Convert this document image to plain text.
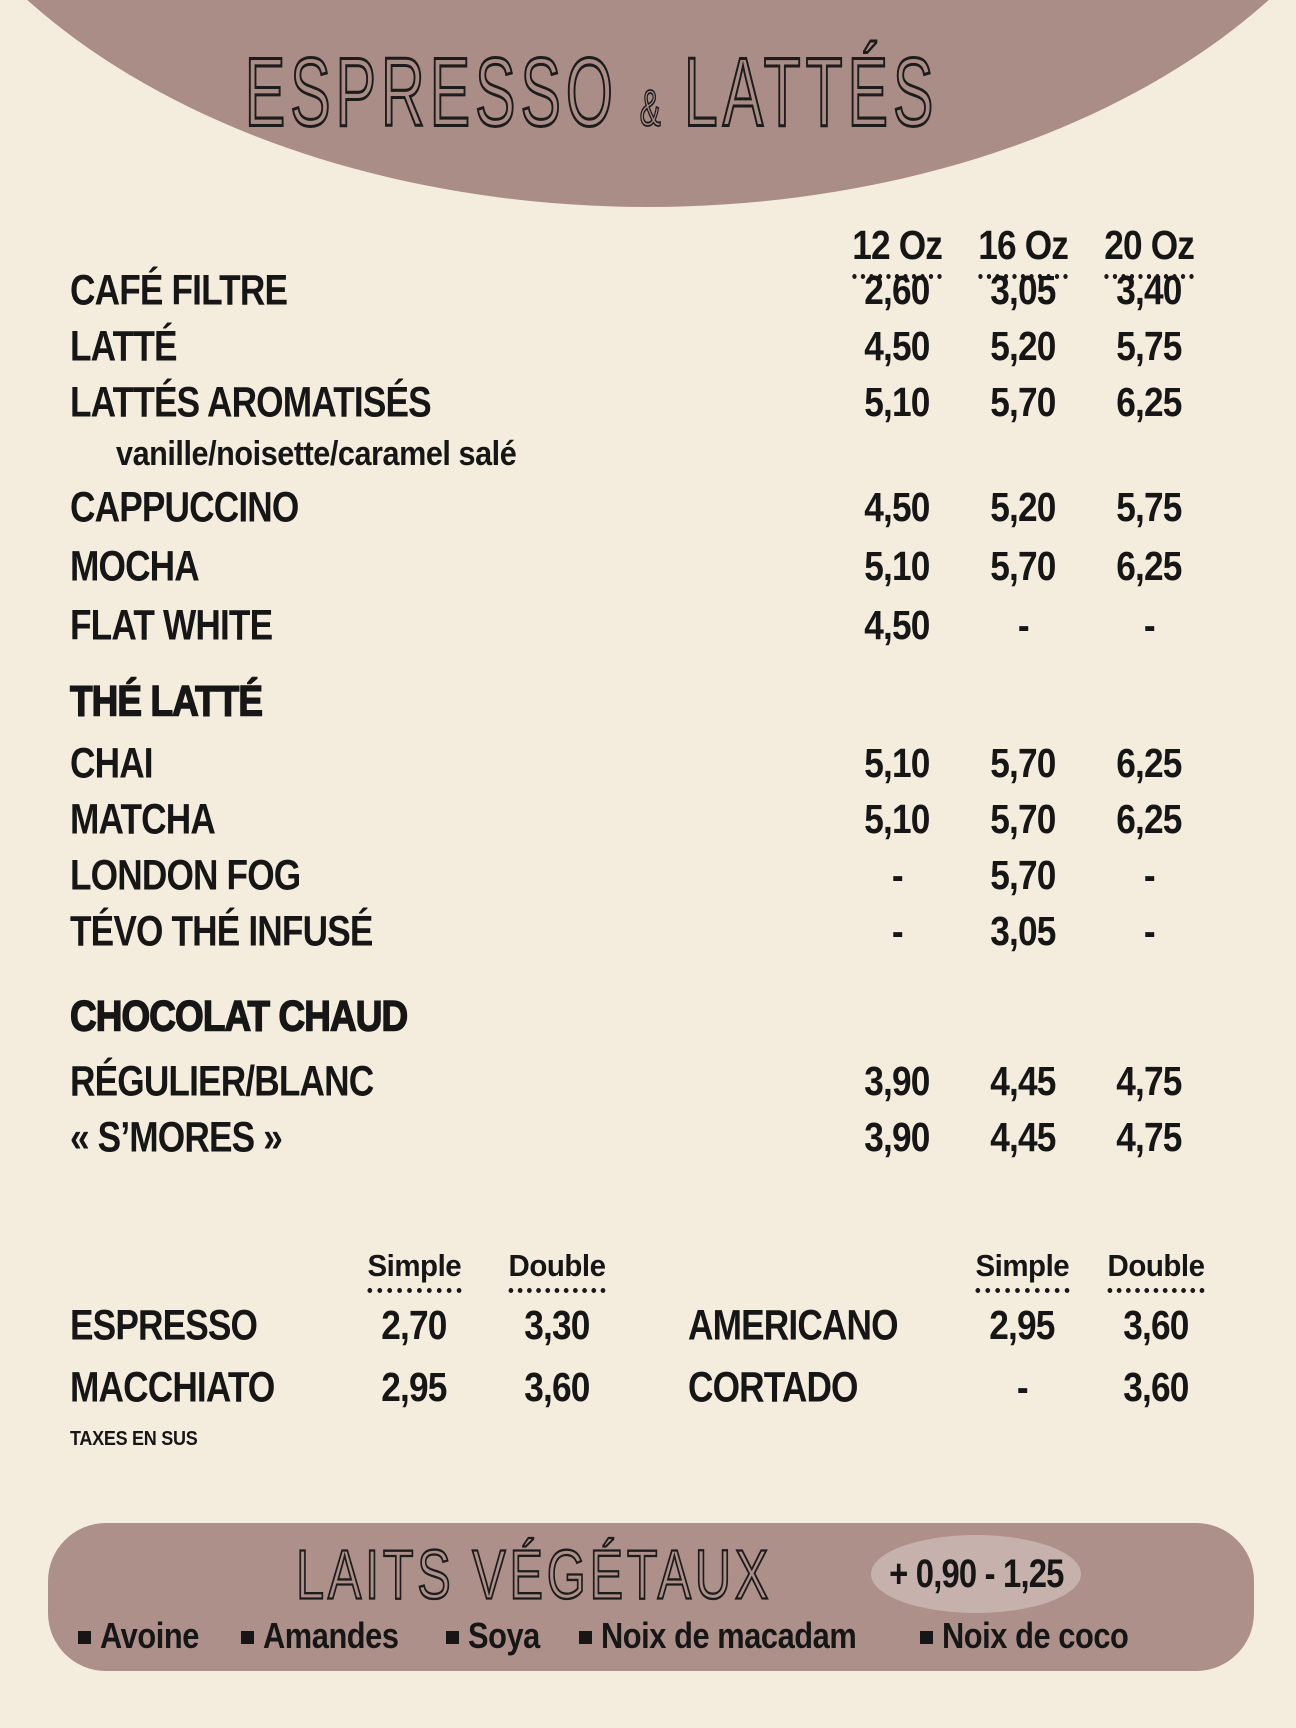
ESPRESSO & LATTÉS
12 Oz 16 Oz 20 Oz
CAFÉ FILTRE	2,60	3,05	3,40
LATTÉ	4,50	5,20	5,75
LATTÉS AROMATISÉS	5,10	5,70	6,25
vanille/noisette/caramel salé
CAPPUCCINO	4,50	5,20	5,75
MOCHA	5,10	5,70	6,25
FLAT WHITE	4,50	-	-
THÉ LATTÉ
CHAI	5,10	5,70	6,25
MATCHA	5,10	5,70	6,25
LONDON FOG	-	5,70	-
TÉVO THÉ INFUSÉ	-	3,05	-
CHOCOLAT CHAUD
RÉGULIER/BLANC	3,90	4,45	4,75
« S’MORES »	3,90	4,45	4,75
Simple	Double
ESPRESSO	2,70	3,30
MACCHIATO	2,95	3,60
Simple	Double
AMERICANO	2,95	3,60
CORTADO	-	3,60
TAXES EN SUS
LAITS VÉGÉTAUX	+ 0,90 - 1,25
Avoine Amandes Soya Noix de macadam Noix de coco
